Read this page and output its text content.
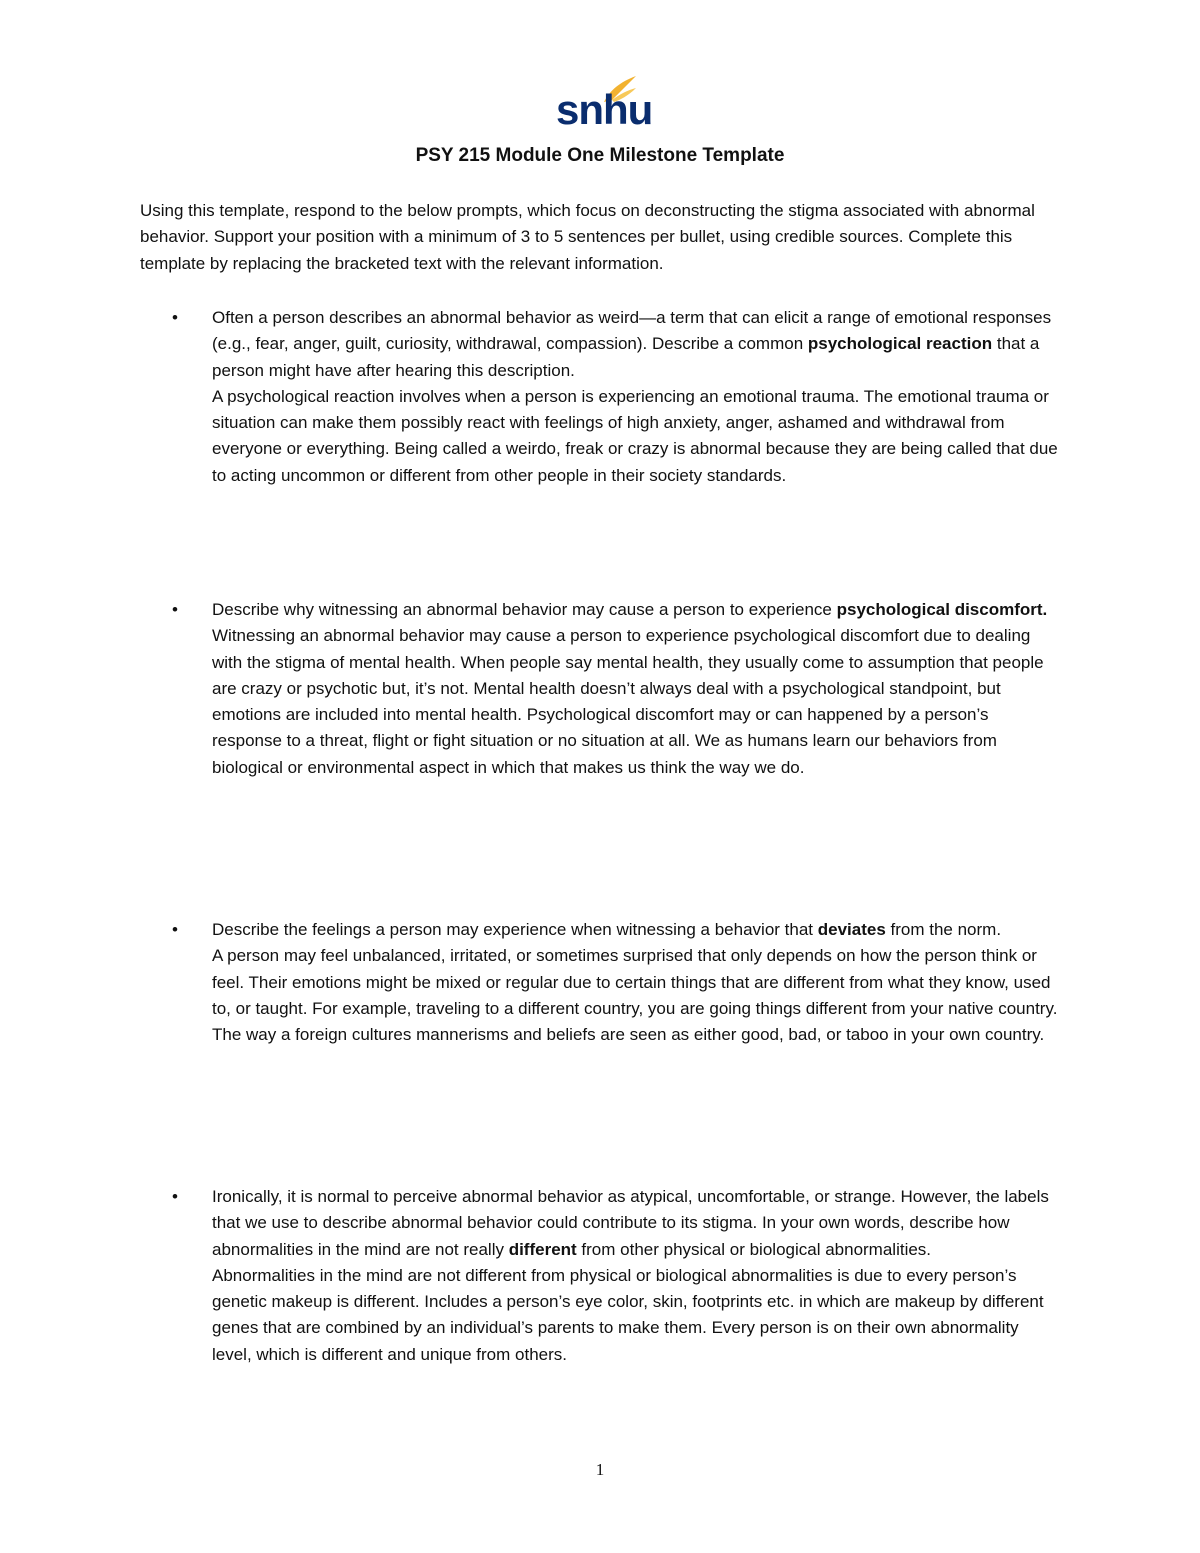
snhu
PSY 215 Module One Milestone Template
Using this template, respond to the below prompts, which focus on deconstructing the stigma associated with abnormal behavior. Support your position with a minimum of 3 to 5 sentences per bullet, using credible sources. Complete this template by replacing the bracketed text with the relevant information.
• Often a person describes an abnormal behavior as weird—a term that can elicit a range of emotional responses (e.g., fear, anger, guilt, curiosity, withdrawal, compassion). Describe a common psychological reaction that a person might have after hearing this description.
A psychological reaction involves when a person is experiencing an emotional trauma. The emotional trauma or situation can make them possibly react with feelings of high anxiety, anger, ashamed and withdrawal from everyone or everything. Being called a weirdo, freak or crazy is abnormal because they are being called that due to acting uncommon or different from other people in their society standards.
• Describe why witnessing an abnormal behavior may cause a person to experience psychological discomfort.
Witnessing an abnormal behavior may cause a person to experience psychological discomfort due to dealing with the stigma of mental health. When people say mental health, they usually come to assumption that people are crazy or psychotic but, it’s not. Mental health doesn’t always deal with a psychological standpoint, but emotions are included into mental health. Psychological discomfort may or can happened by a person’s response to a threat, flight or fight situation or no situation at all. We as humans learn our behaviors from biological or environmental aspect in which that makes us think the way we do.
• Describe the feelings a person may experience when witnessing a behavior that deviates from the norm.
A person may feel unbalanced, irritated, or sometimes surprised that only depends on how the person think or feel. Their emotions might be mixed or regular due to certain things that are different from what they know, used to, or taught. For example, traveling to a different country, you are going things different from your native country. The way a foreign cultures mannerisms and beliefs are seen as either good, bad, or taboo in your own country.
• Ironically, it is normal to perceive abnormal behavior as atypical, uncomfortable, or strange. However, the labels that we use to describe abnormal behavior could contribute to its stigma. In your own words, describe how abnormalities in the mind are not really different from other physical or biological abnormalities.
Abnormalities in the mind are not different from physical or biological abnormalities is due to every person’s genetic makeup is different. Includes a person’s eye color, skin, footprints etc. in which are makeup by different genes that are combined by an individual’s parents to make them. Every person is on their own abnormality level, which is different and unique from others.
1
